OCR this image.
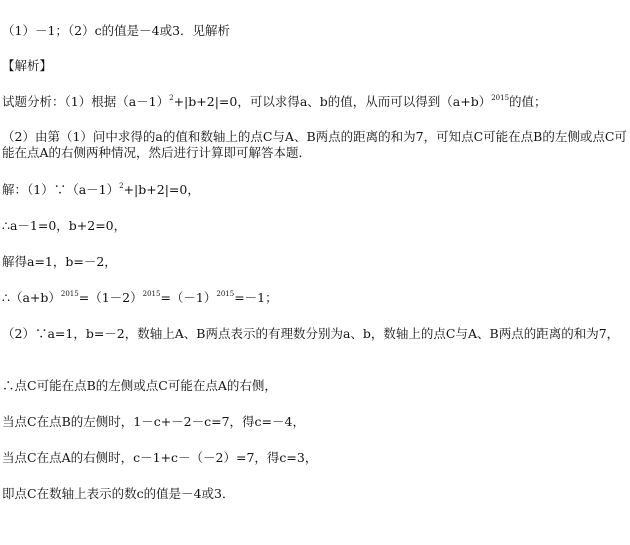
（1）－1；（2）c的值是－4或3．见解析
【解析】
试题分析：（1）根据$(a-1)^2+|b+2|=0$，可以求得a、b的值，从而可以得到$(a+b)^{2015}$的值；
（2）由第（1）问中求得的a的值和数轴上的点C与A、B两点的距离的和为7，可知点C可能在点B的左侧或点C可能在点A的右侧两种情况，然后进行计算即可解答本题．
解：$(1)\because(a-1)^2+|b+2|=0$，
∴a－1=0，b+2=0，
解得a=1，b=－2，
$\therefore(a+b)^{2015}=(1-2)^{2015}=(-1)^{2015}=-1$；
（2）∵a=1，b=－2，数轴上A、B两点表示的有理数分别为a、b，数轴上的点C与A、B两点的距离的和为7，
∴点C可能在点B的左侧或点C可能在点A的右侧，
当点C在点B的左侧时，1－c+－2－c=7，得c=－4，
当点C在点A的右侧时，c－1+c－（－2）=7，得c=3，
即点C在数轴上表示的数c的值是－4或3．
